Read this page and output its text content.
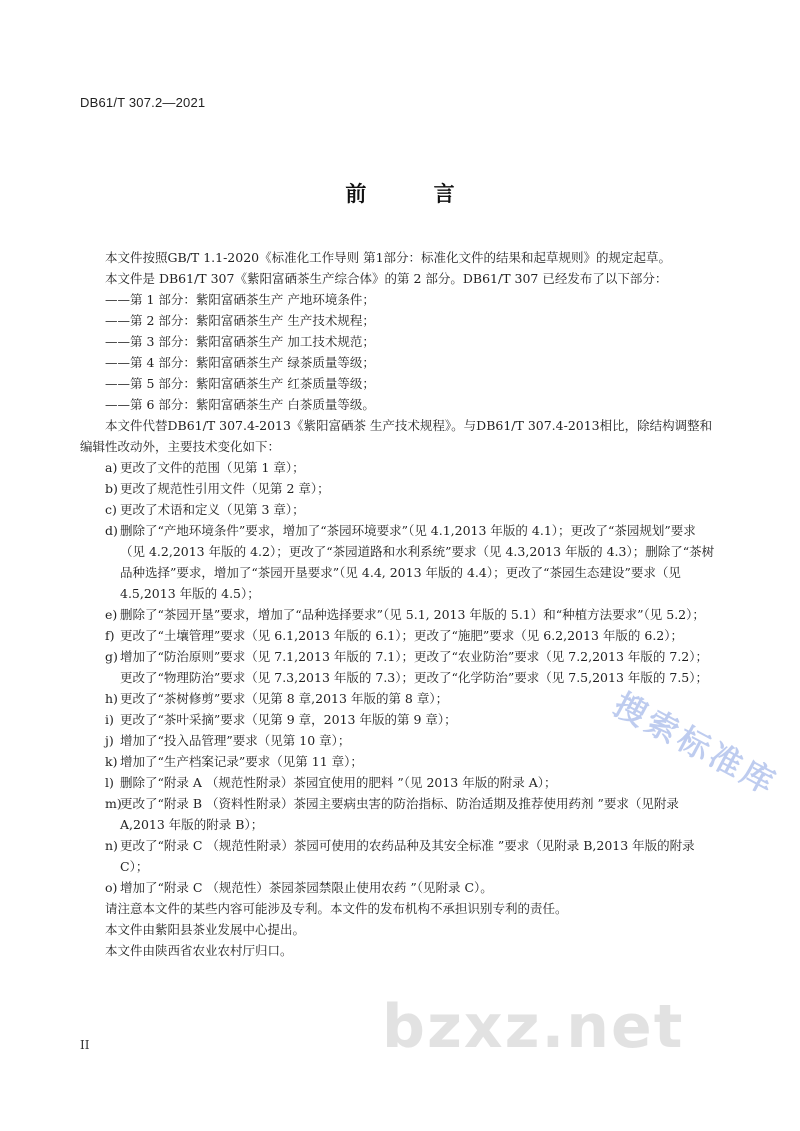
DB61/T 307.2—2021
前 言

本文件按照GB/T 1.1-2020《标准化工作导则 第1部分：标准化文件的结果和起草规则》的规定起草。

本文件是 DB61/T 307《紫阳富硒茶生产综合体》的第 2 部分。DB61/T 307 已经发布了以下部分：

——第 1 部分：紫阳富硒茶生产 产地环境条件；

——第 2 部分：紫阳富硒茶生产 生产技术规程；

——第 3 部分：紫阳富硒茶生产 加工技术规范；

——第 4 部分：紫阳富硒茶生产 绿茶质量等级；

——第 5 部分：紫阳富硒茶生产 红茶质量等级；

——第 6 部分：紫阳富硒茶生产 白茶质量等级。

本文件代替DB61/T 307.4-2013《紫阳富硒茶 生产技术规程》。与DB61/T 307.4-2013相比，除结构调整和编辑性改动外，主要技术变化如下：

a) 更改了文件的范围（见第 1 章）；
b) 更改了规范性引用文件（见第 2 章）；
c) 更改了术语和定义（见第 3 章）；
d) 删除了“产地环境条件”要求，增加了“茶园环境要求”（见 4.1,2013 年版的 4.1）；更改了“茶园规划”要求（见 4.2,2013 年版的 4.2）；更改了“茶园道路和水利系统”要求（见 4.3,2013 年版的 4.3）；删除了“茶树品种选择”要求，增加了“茶园开垦要求”（见 4.4, 2013 年版的 4.4）；更改了“茶园生态建设”要求（见 4.5,2013 年版的 4.5）；
e) 删除了“茶园开垦”要求，增加了“品种选择要求”（见 5.1, 2013 年版的 5.1）和“种植方法要求”（见 5.2）；
f) 更改了“土壤管理”要求（见 6.1,2013 年版的 6.1）；更改了“施肥”要求（见 6.2,2013 年版的 6.2）；
g) 增加了“防治原则”要求（见 7.1,2013 年版的 7.1）；更改了“农业防治”要求（见 7.2,2013 年版的 7.2）；更改了“物理防治”要求（见 7.3,2013 年版的 7.3）；更改了“化学防治”要求（见 7.5,2013 年版的 7.5）；
h) 更改了“茶树修剪”要求（见第 8 章,2013 年版的第 8 章）；
i) 更改了“茶叶采摘”要求（见第 9 章，2013 年版的第 9 章）；
j) 增加了“投入品管理”要求（见第 10 章）；
k) 增加了“生产档案记录”要求（见第 11 章）；
l) 删除了“附录 A （规范性附录）茶园宜使用的肥料 ”（见 2013 年版的附录 A）；
m)
更改了“附录 B （资料性附录）茶园主要病虫害的防治指标、防治适期及推荐使用药剂 ”要求（见附录 A,2013 年版的附录 B）；
n) 更改了“附录 C （规范性附录）茶园可使用的农药品种及其安全标准 ”要求（见附录 B,2013 年版的附录 C）；
o) 增加了“附录 C （规范性）茶园茶园禁限止使用农药 ”（见附录 C）。

请注意本文件的某些内容可能涉及专利。本文件的发布机构不承担识别专利的责任。

本文件由紫阳县茶业发展中心提出。

本文件由陕西省农业农村厅归口。

II
搜索标准库
bzxz.net
